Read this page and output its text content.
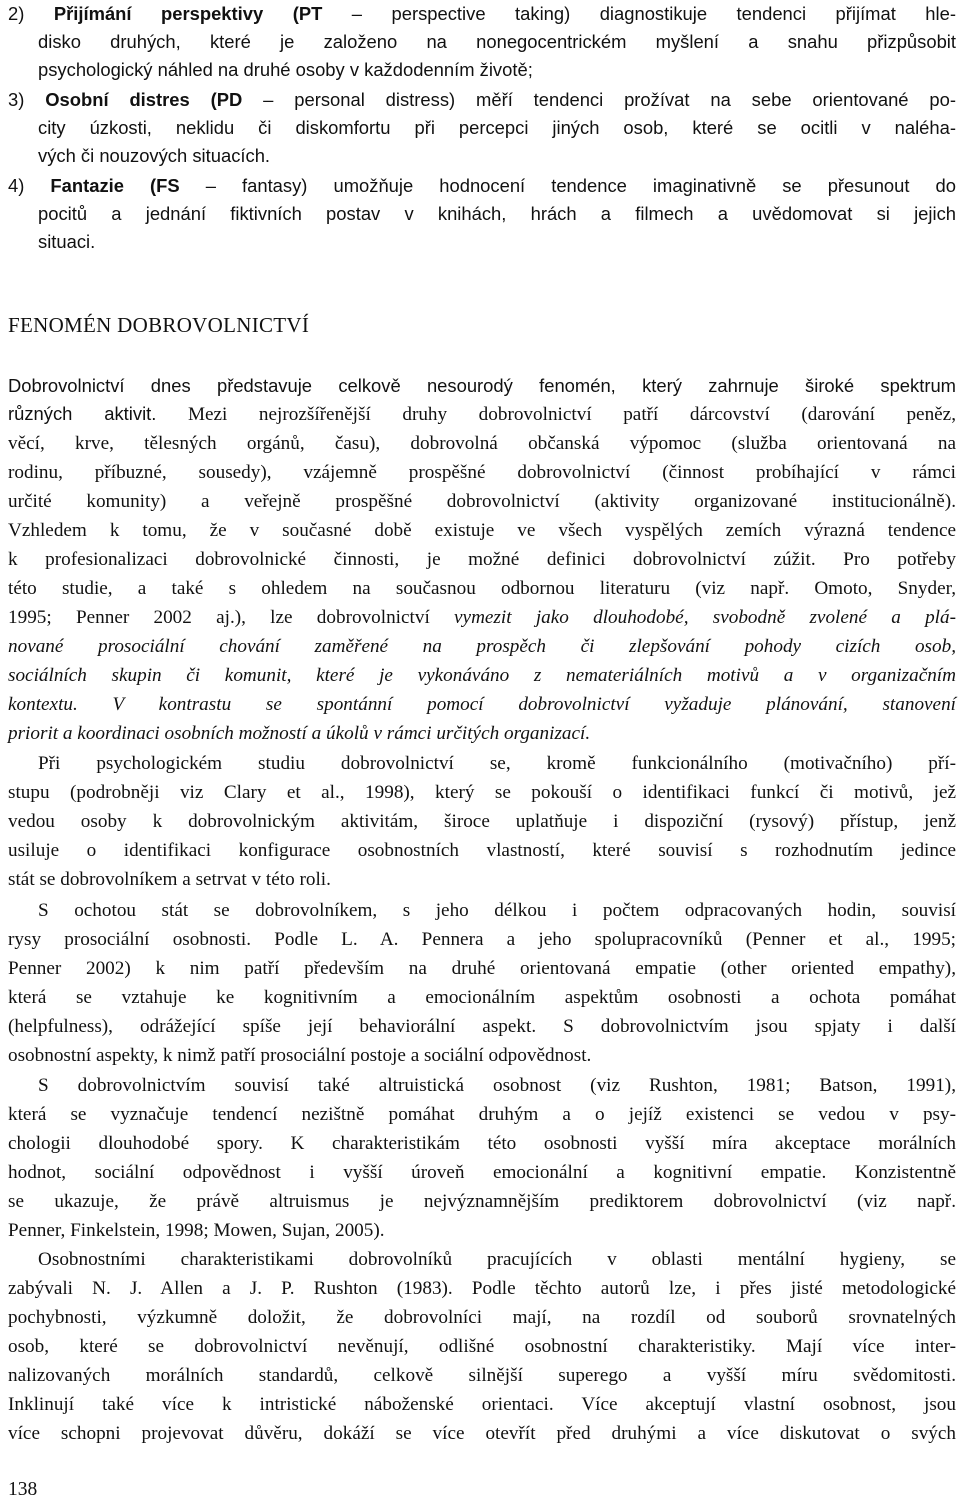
2) Přijímání perspektivy (PT – perspective taking) diagnostikuje tendenci přijímat hle-
disko druhých, které je založeno na nonegocentrickém myšlení a snahu přizpůsobit
psychologický náhled na druhé osoby v každodenním životě;
3) Osobní distres (PD – personal distress) měří tendenci prožívat na sebe orientované po-
city úzkosti, neklidu či diskomfortu při percepci jiných osob, které se ocitli v naléha-
vých či nouzových situacích.
4) Fantazie (FS – fantasy) umožňuje hodnocení tendence imaginativně se přesunout do
pocitů a jednání fiktivních postav v knihách, hrách a filmech a uvědomovat si jejich
situaci.
FENOMÉN DOBROVOLNICTVÍ
Dobrovolnictví dnes představuje celkově nesourodý fenomén, který zahrnuje široké spektrum
různých aktivit. Mezi nejrozšířenější druhy dobrovolnictví patří dárcovství (darování peněz,
věcí, krve, tělesných orgánů, času), dobrovolná občanská výpomoc (služba orientovaná na
rodinu, příbuzné, sousedy), vzájemně prospěšné dobrovolnictví (činnost probíhající v rámci
určité komunity) a veřejně prospěšné dobrovolnictví (aktivity organizované institucionálně).
Vzhledem k tomu, že v současné době existuje ve všech vyspělých zemích výrazná tendence
k profesionalizaci dobrovolnické činnosti, je možné definici dobrovolnictví zúžit. Pro potřeby
této studie, a také s ohledem na současnou odbornou literaturu (viz např. Omoto, Snyder,
1995; Penner 2002 aj.), lze dobrovolnictví vymezit jako dlouhodobé, svobodně zvolené a plá-
nované prosociální chování zaměřené na prospěch či zlepšování pohody cizích osob,
sociálních skupin či komunit, které je vykonáváno z nemateriálních motivů a v organizačním
kontextu. V kontrastu se spontánní pomocí dobrovolnictví vyžaduje plánování, stanovení
priorit a koordinaci osobních možností a úkolů v rámci určitých organizací.
Při psychologickém studiu dobrovolnictví se, kromě funkcionálního (motivačního) pří-
stupu (podrobněji viz Clary et al., 1998), který se pokouší o identifikaci funkcí či motivů, jež
vedou osoby k dobrovolnickým aktivitám, široce uplatňuje i dispoziční (rysový) přístup, jenž
usiluje o identifikaci konfigurace osobnostních vlastností, které souvisí s rozhodnutím jedince
stát se dobrovolníkem a setrvat v této roli.
S ochotou stát se dobrovolníkem, s jeho délkou i počtem odpracovaných hodin, souvisí
rysy prosociální osobnosti. Podle L. A. Pennera a jeho spolupracovníků (Penner et al., 1995;
Penner 2002) k nim patří především na druhé orientovaná empatie (other oriented empathy),
která se vztahuje ke kognitivním a emocionálním aspektům osobnosti a ochota pomáhat
(helpfulness), odrážející spíše její behaviorální aspekt. S dobrovolnictvím jsou spjaty i další
osobnostní aspekty, k nimž patří prosociální postoje a sociální odpovědnost.
S dobrovolnictvím souvisí také altruistická osobnost (viz Rushton, 1981; Batson, 1991),
která se vyznačuje tendencí nezištně pomáhat druhým a o jejíž existenci se vedou v psy-
chologii dlouhodobé spory. K charakteristikám této osobnosti vyšší míra akceptace morálních
hodnot, sociální odpovědnost i vyšší úroveň emocionální a kognitivní empatie. Konzistentně
se ukazuje, že právě altruismus je nejvýznamnějším prediktorem dobrovolnictví (viz např.
Penner, Finkelstein, 1998; Mowen, Sujan, 2005).
Osobnostními charakteristikami dobrovolníků pracujících v oblasti mentální hygieny, se
zabývali N. J. Allen a J. P. Rushton (1983). Podle těchto autorů lze, i přes jisté metodologické
pochybnosti, výzkumně doložit, že dobrovolníci mají, na rozdíl od souborů srovnatelných
osob, které se dobrovolnictví nevěnují, odlišné osobnostní charakteristiky. Mají více inter-
nalizovaných morálních standardů, celkově silnější superego a vyšší míru svědomitosti.
Inklinují také více k intristické náboženské orientaci. Více akceptují vlastní osobnost, jsou
více schopni projevovat důvěru, dokáží se více otevřít před druhými a více diskutovat o svých
138
